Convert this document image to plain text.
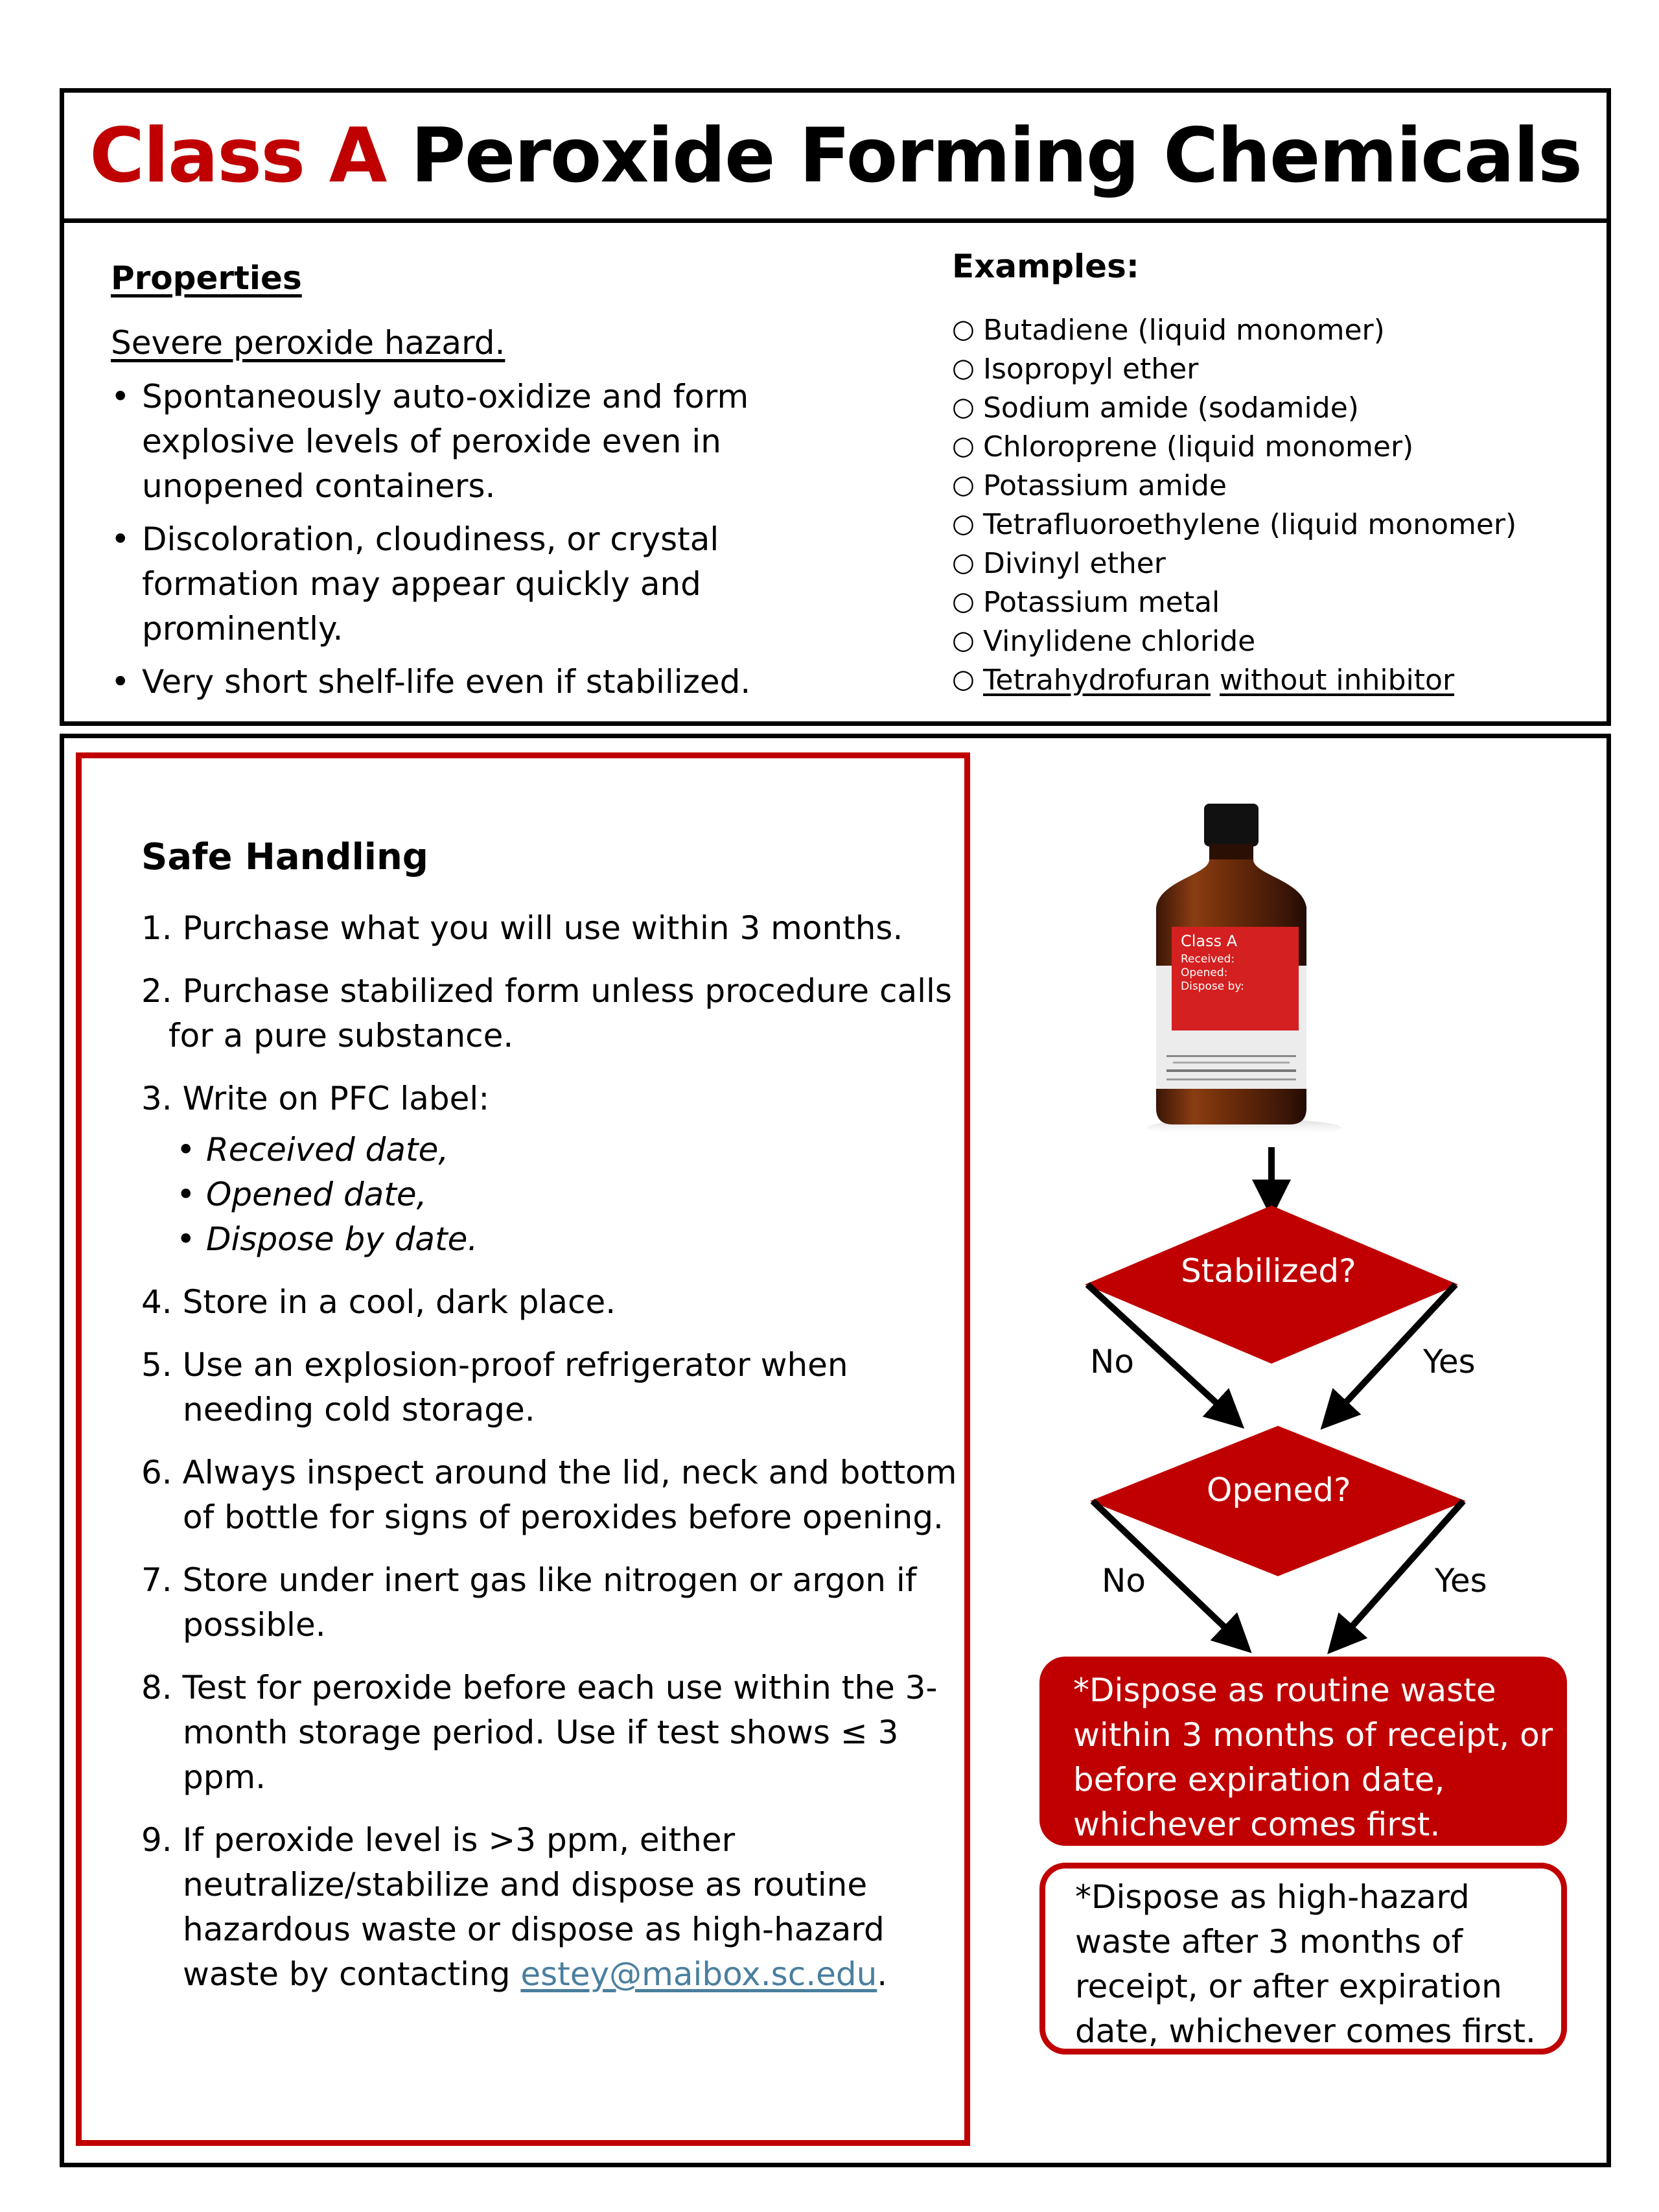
Class A Peroxide Forming Chemicals
Properties
Severe peroxide hazard.
• Spontaneously auto-oxidize and form explosive levels of peroxide even in unopened containers.
• Discoloration, cloudiness, or crystal formation may appear quickly and prominently.
• Very short shelf-life even if stabilized.
Examples:
○ Butadiene (liquid monomer)
○ Isopropyl ether
○ Sodium amide (sodamide)
○ Chloroprene (liquid monomer)
○ Potassium amide
○ Tetrafluoroethylene (liquid monomer)
○ Divinyl ether
○ Potassium metal
○ Vinylidene chloride
○ Tetrahydrofuran without inhibitor
Safe Handling
1. Purchase what you will use within 3 months.
2. Purchase stabilized form unless procedure calls for a pure substance.
3. Write on PFC label:
• Received date,
• Opened date,
• Dispose by date.
4. Store in a cool, dark place.
5. Use an explosion-proof refrigerator when needing cold storage.
6. Always inspect around the lid, neck and bottom of bottle for signs of peroxides before opening.
7. Store under inert gas like nitrogen or argon if possible.
8. Test for peroxide before each use within the 3-month storage period. Use if test shows ≤ 3 ppm.
9. If peroxide level is >3 ppm, either neutralize/stabilize and dispose as routine hazardous waste or dispose as high-hazard waste by contacting estey@maibox.sc.edu.
Class A
Received:
Opened:
Dispose by:
Stabilized?
Opened?
No	Yes
No	Yes
*Dispose as routine waste within 3 months of receipt, or before expiration date, whichever comes first.
*Dispose as high-hazard waste after 3 months of receipt, or after expiration date, whichever comes first.
